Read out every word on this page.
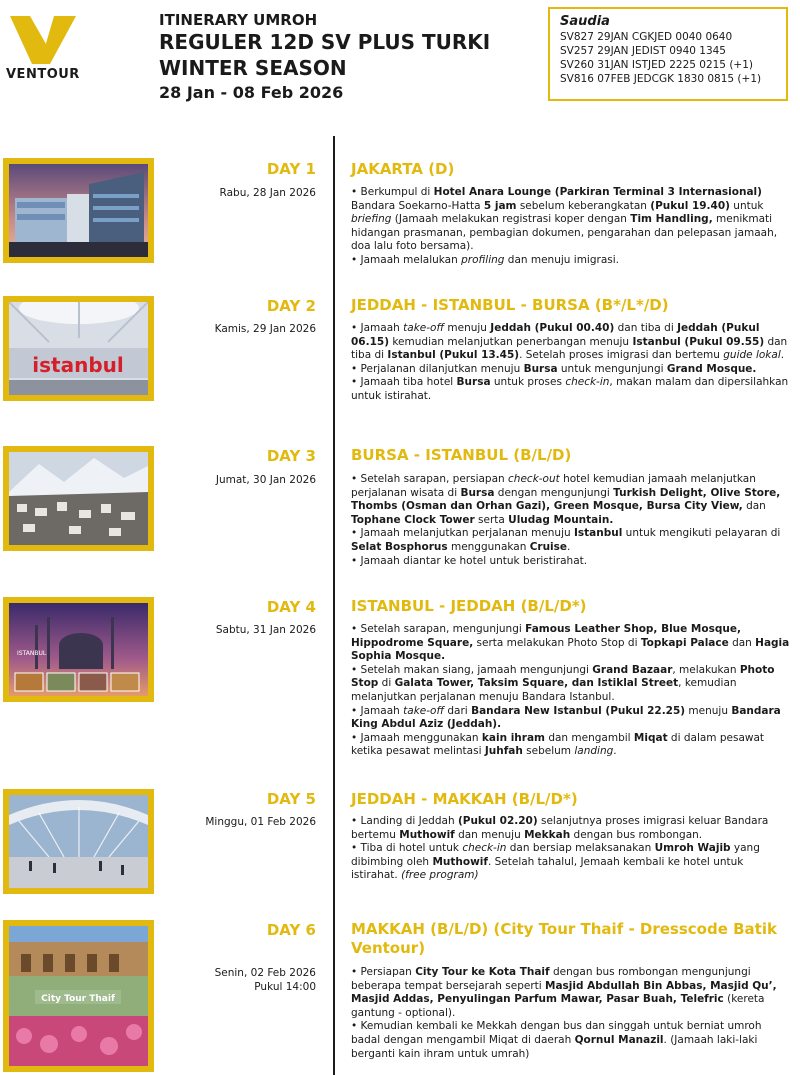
VENTOUR
ITINERARY UMROH
REGULER 12D SV PLUS TURKI
WINTER SEASON
28 Jan - 08 Feb 2026
Saudia
SV827 29JAN CGKJED 0040 0640
SV257 29JAN JEDIST 0940 1345
SV260 31JAN ISTJED 2225 0215 (+1)
SV816 07FEB JEDCGK 1830 0815 (+1)
DAY 1
Rabu, 28 Jan 2026
JAKARTA (D)

• Berkumpul di Hotel Anara Lounge (Parkiran Terminal 3 Internasional) Bandara Soekarno-Hatta 5 jam sebelum keberangkatan (Pukul 19.40) untuk briefing (Jamaah melakukan registrasi koper dengan Tim Handling, menikmati hidangan prasmanan, pembagian dokumen, pengarahan dan pelepasan jamaah, doa lalu foto bersama).

• Jamaah melalukan profiling dan menuju imigrasi.

istanbul
DAY 2
Kamis, 29 Jan 2026
JEDDAH - ISTANBUL - BURSA (B*/L*/D)

• Jamaah take-off menuju Jeddah (Pukul 00.40) dan tiba di Jeddah (Pukul 06.15) kemudian melanjutkan penerbangan menuju Istanbul (Pukul 09.55) dan tiba di Istanbul (Pukul 13.45). Setelah proses imigrasi dan bertemu guide lokal.

• Perjalanan dilanjutkan menuju Bursa untuk mengunjungi Grand Mosque.

• Jamaah tiba hotel Bursa untuk proses check-in, makan malam dan dipersilahkan untuk istirahat.

DAY 3
Jumat, 30 Jan 2026
BURSA - ISTANBUL (B/L/D)

• Setelah sarapan, persiapan check-out hotel kemudian jamaah melanjutkan perjalanan wisata di Bursa dengan mengunjungi Turkish Delight, Olive Store, Thombs (Osman dan Orhan Gazi), Green Mosque, Bursa City View, dan Tophane Clock Tower serta Uludag Mountain.

• Jamaah melanjutkan perjalanan menuju Istanbul untuk mengikuti pelayaran di Selat Bosphorus menggunakan Cruise.

• Jamaah diantar ke hotel untuk beristirahat.

ISTANBUL
DAY 4
Sabtu, 31 Jan 2026
ISTANBUL - JEDDAH (B/L/D*)

• Setelah sarapan, mengunjungi Famous Leather Shop, Blue Mosque, Hippodrome Square, serta melakukan Photo Stop di Topkapi Palace dan Hagia Sophia Mosque.

• Setelah makan siang, jamaah mengunjungi Grand Bazaar, melakukan Photo Stop di Galata Tower, Taksim Square, dan Istiklal Street, kemudian melanjutkan perjalanan menuju Bandara Istanbul.

• Jamaah take-off dari Bandara New Istanbul (Pukul 22.25) menuju Bandara King Abdul Aziz (Jeddah).

• Jamaah menggunakan kain ihram dan mengambil Miqat di dalam pesawat ketika pesawat melintasi Juhfah sebelum landing.

DAY 5
Minggu, 01 Feb 2026
JEDDAH - MAKKAH (B/L/D*)

• Landing di Jeddah (Pukul 02.20) selanjutnya proses imigrasi keluar Bandara bertemu Muthowif dan menuju Mekkah dengan bus rombongan.

• Tiba di hotel untuk check-in dan bersiap melaksanakan Umroh Wajib yang dibimbing oleh Muthowif. Setelah tahalul, Jemaah kembali ke hotel untuk istirahat. (free program)

City Tour Thaif
DAY 6
Senin, 02 Feb 2026
Pukul 14:00
MAKKAH (B/L/D) (City Tour Thaif - Dresscode Batik Ventour)

• Persiapan City Tour ke Kota Thaif dengan bus rombongan mengunjungi beberapa tempat bersejarah seperti Masjid Abdullah Bin Abbas, Masjid Qu’, Masjid Addas, Penyulingan Parfum Mawar, Pasar Buah, Telefric (kereta gantung - optional).

• Kemudian kembali ke Mekkah dengan bus dan singgah untuk berniat umroh badal dengan mengambil Miqat di daerah Qornul Manazil. (Jamaah laki-laki berganti kain ihram untuk umrah)
